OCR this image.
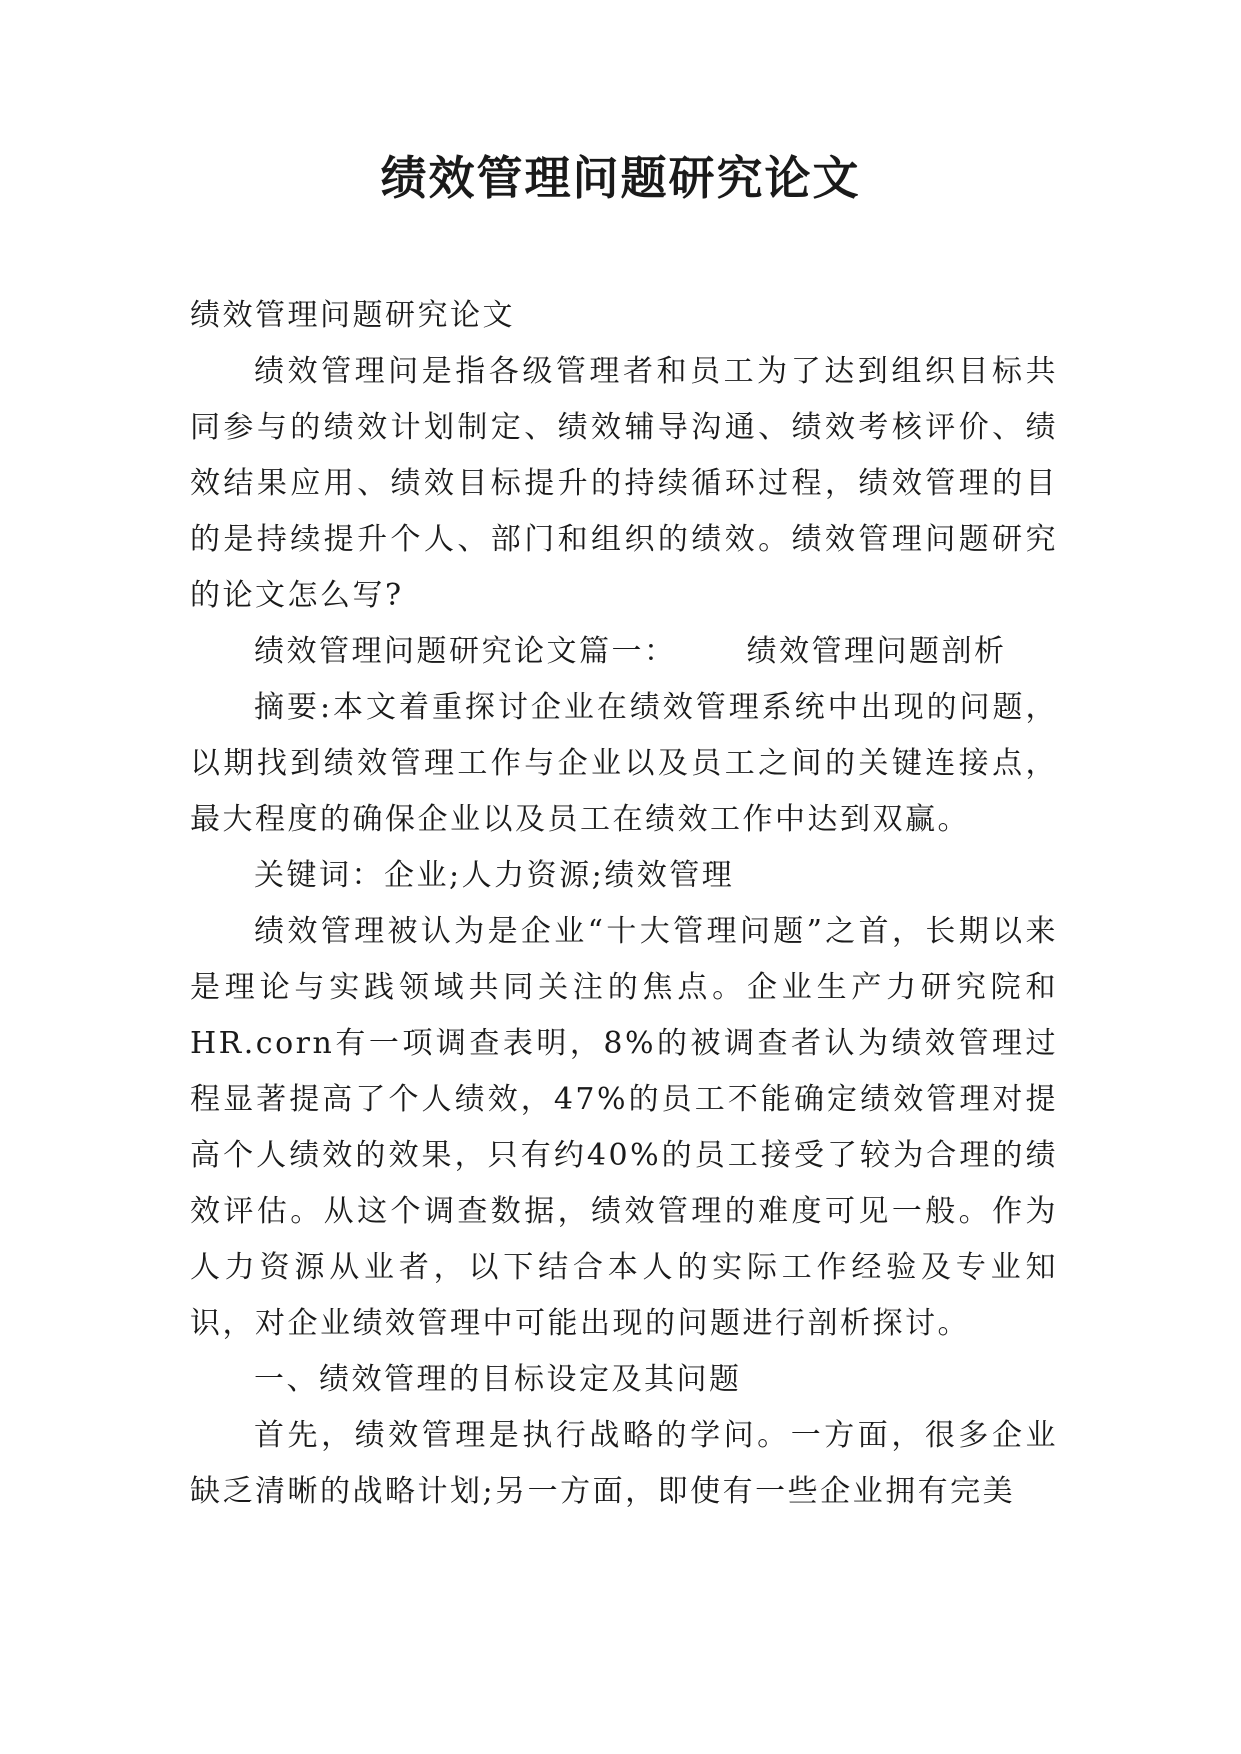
绩效管理问题研究论文

绩效管理问题研究论文

绩效管理问是指各级管理者和员工为了达到组织目标共同参与的绩效计划制定、绩效辅导沟通、绩效考核评价、绩效结果应用、绩效目标提升的持续循环过程，绩效管理的目的是持续提升个人、部门和组织的绩效。绩效管理问题研究的论文怎么写?

绩效管理问题研究论文篇一： 绩效管理问题剖析

摘要:本文着重探讨企业在绩效管理系统中出现的问题，以期找到绩效管理工作与企业以及员工之间的关键连接点，最大程度的确保企业以及员工在绩效工作中达到双赢。

关键词：企业;人力资源;绩效管理

绩效管理被认为是企业“十大管理问题”之首，长期以来是理论与实践领域共同关注的焦点。企业生产力研究院和HR.corn有一项调查表明，8%的被调查者认为绩效管理过程显著提高了个人绩效，47%的员工不能确定绩效管理对提高个人绩效的效果，只有约40%的员工接受了较为合理的绩效评估。从这个调查数据，绩效管理的难度可见一般。作为人力资源从业者，以下结合本人的实际工作经验及专业知识，对企业绩效管理中可能出现的问题进行剖析探讨。

一、绩效管理的目标设定及其问题

首先，绩效管理是执行战略的学问。一方面，很多企业缺乏清晰的战略计划;另一方面，即使有一些企业拥有完美
